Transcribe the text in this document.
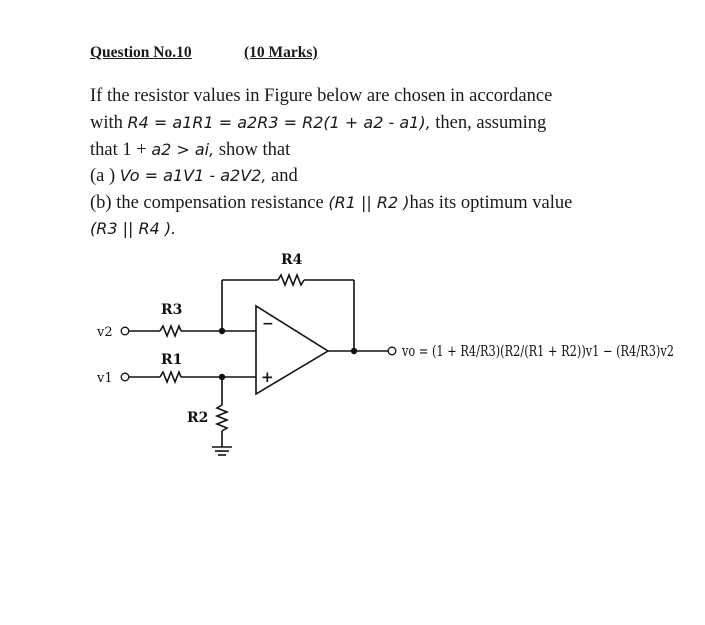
Question No.10	(10 Marks)
If the resistor values in Figure below are chosen in accordance
with R4 = a1R1 = a2R3 = R2(1 + a2 - a1), then, assuming
that 1 + a2 > ai, show that
(a ) Vo = a1V1 - a2V2, and
(b) the compensation resistance (R1 || R2 )has its optimum value
(R3 || R4 ).
v2
v1
R3
R1
R2
R4
−
+
vo = (1 + R4/R3)(R2/(R1 + R2))v1 − (R4/R3)v2
